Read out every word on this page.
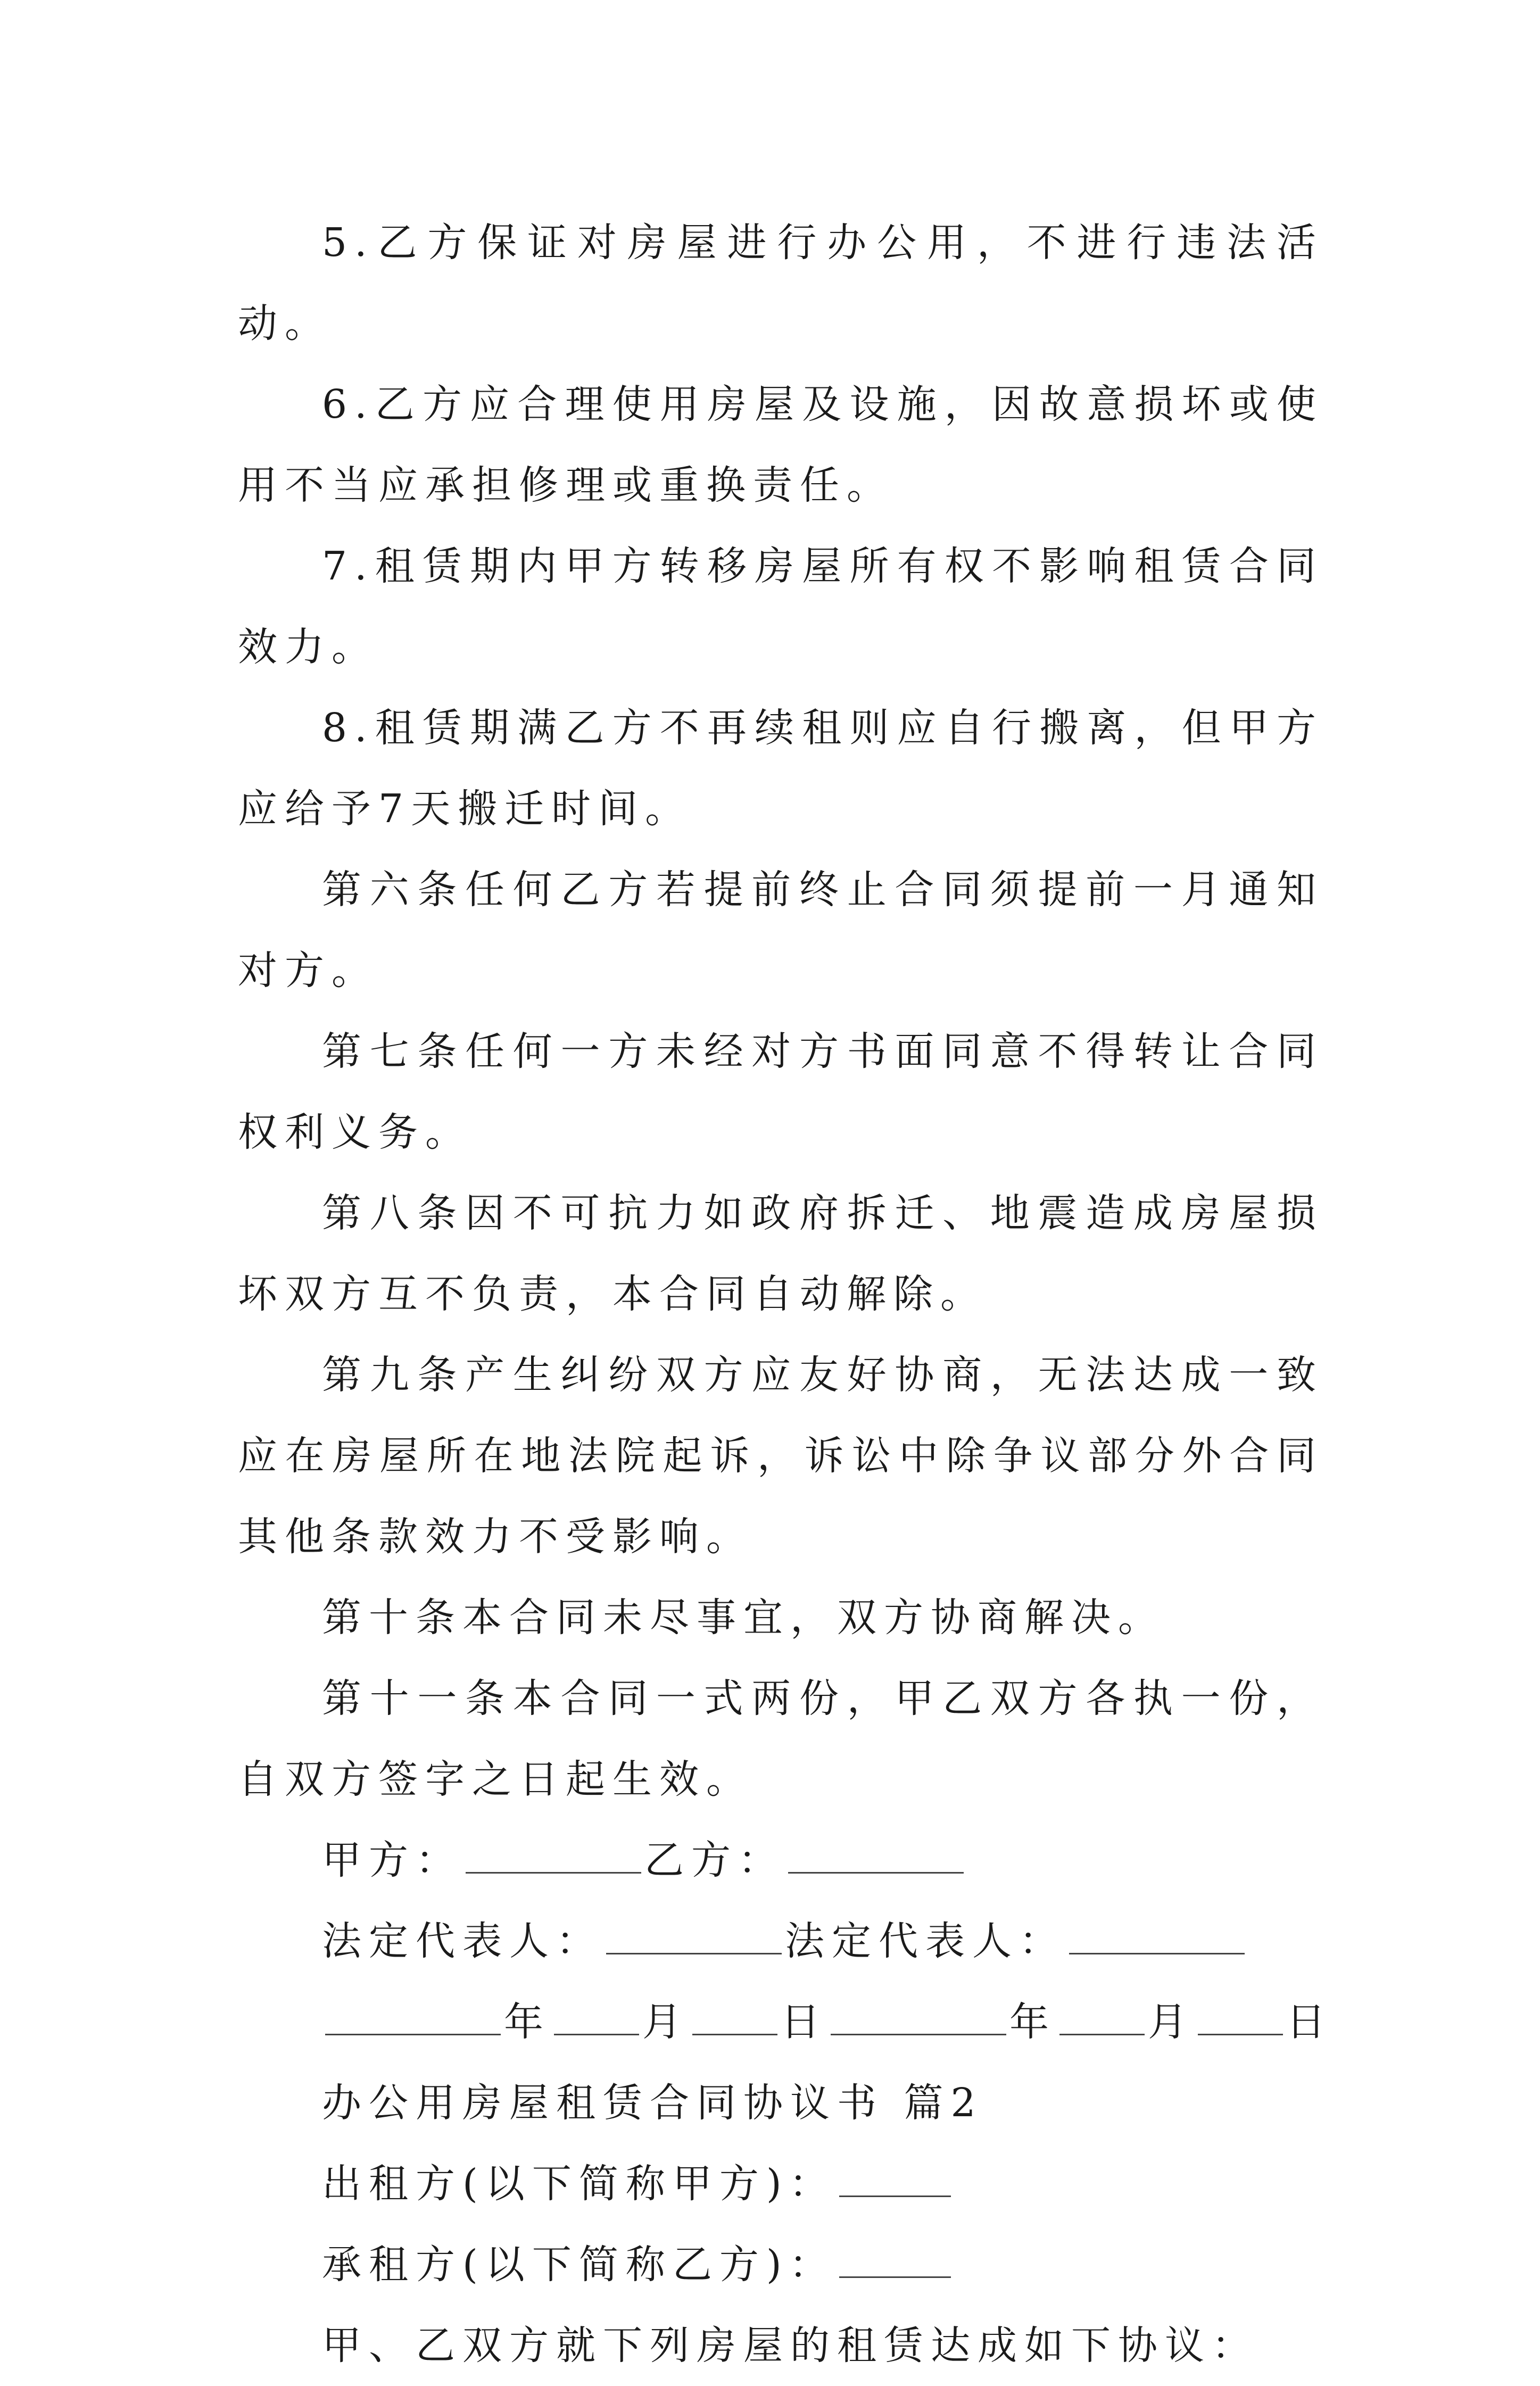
5.乙方保证对房屋进行办公用，不进行违法活动。

6.乙方应合理使用房屋及设施，因故意损坏或使用不当应承担修理或重换责任。

7.租赁期内甲方转移房屋所有权不影响租赁合同效力。

8.租赁期满乙方不再续租则应自行搬离，但甲方应给予7天搬迁时间。

第六条任何乙方若提前终止合同须提前一月通知对方。

第七条任何一方未经对方书面同意不得转让合同权利义务。

第八条因不可抗力如政府拆迁、地震造成房屋损坏双方互不负责，本合同自动解除。

第九条产生纠纷双方应友好协商，无法达成一致应在房屋所在地法院起诉，诉讼中除争议部分外合同其他条款效力不受影响。

第十条本合同未尽事宜，双方协商解决。

第十一条本合同一式两份，甲乙双方各执一份，自双方签字之日起生效。

甲方：	乙方：

法定代表人：	法定代表人：

年 月 日	年 月 日

办公用房屋租赁合同协议书 篇2

出租方(以下简称甲方)：

承租方(以下简称乙方)：

甲、乙双方就下列房屋的租赁达成如下协议：
